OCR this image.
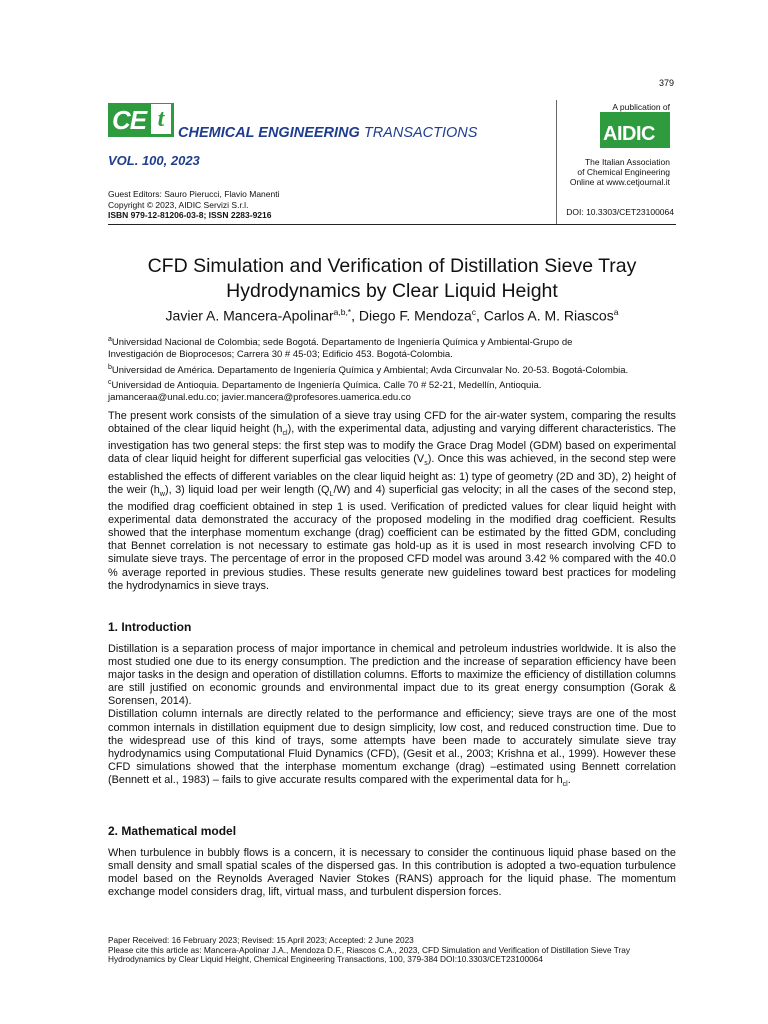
379
CE t
CHEMICAL ENGINEERING TRANSACTIONS
VOL. 100, 2023
A publication of
AIDIC
The Italian Association
of Chemical Engineering
Online at www.cetjournal.it
Guest Editors: Sauro Pierucci, Flavio Manenti
Copyright © 2023, AIDIC Servizi S.r.l.
ISBN 979-12-81206-03-8; ISSN 2283-9216	DOI: 10.3303/CET23100064
CFD Simulation and Verification of Distillation Sieve Tray
Hydrodynamics by Clear Liquid Height
Javier A. Mancera-Apolinar$^{a,b,*}$, Diego F. Mendoza$^c$, Carlos A. M. Riascos$^a$
$^a$Universidad Nacional de Colombia; sede Bogotá. Departamento de Ingeniería Química y Ambiental-Grupo de
Investigación de Bioprocesos; Carrera 30 # 45-03; Edificio 453. Bogotá-Colombia.
$^b$Universidad de América. Departamento de Ingeniería Química y Ambiental; Avda Circunvalar No. 20-53. Bogotá-Colombia.
$^c$Universidad de Antioquia. Departamento de Ingeniería Química. Calle 70 # 52-21, Medellín, Antioquia.
jamanceraa@unal.edu.co; javier.mancera@profesores.uamerica.edu.co

The present work consists of the simulation of a sieve tray using CFD for the air-water system, comparing the results obtained of the clear liquid height $(h_{cl})$, with the experimental data, adjusting and varying different characteristics. The investigation has two general steps: the first step was to modify the Grace Drag Model (GDM) based on experimental data of clear liquid height for different superficial gas velocities $(V_s)$. Once this was achieved, in the second step were established the effects of different variables on the clear liquid height as: 1) type of geometry (2D and 3D), 2) height of the weir $(h_w)$, 3) liquid load per weir length $(Q_L/W)$ and 4) superficial gas velocity; in all the cases of the second step, the modified drag coefficient obtained in step 1 is used. Verification of predicted values for clear liquid height with experimental data demonstrated the accuracy of the proposed modeling in the modified drag coefficient. Results showed that the interphase momentum exchange (drag) coefficient can be estimated by the fitted GDM, concluding that Bennet correlation is not necessary to estimate gas hold-up as it is used in most research involving CFD to simulate sieve trays. The percentage of error in the proposed CFD model was around 3.42 % compared with the 40.0 % average reported in previous studies. These results generate new guidelines toward best practices for modeling the hydrodynamics in sieve trays.

1. Introduction

Distillation is a separation process of major importance in chemical and petroleum industries worldwide. It is also the most studied one due to its energy consumption. The prediction and the increase of separation efficiency have been major tasks in the design and operation of distillation columns. Efforts to maximize the efficiency of distillation columns are still justified on economic grounds and environmental impact due to its great energy consumption (Gorak & Sorensen, 2014).

Distillation column internals are directly related to the performance and efficiency; sieve trays are one of the most common internals in distillation equipment due to design simplicity, low cost, and reduced construction time. Due to the widespread use of this kind of trays, some attempts have been made to accurately simulate sieve tray hydrodynamics using Computational Fluid Dynamics (CFD), (Gesit et al., 2003; Krishna et al., 1999). However these CFD simulations showed that the interphase momentum exchange (drag) –estimated using Bennett correlation (Bennett et al., 1983) – fails to give accurate results compared with the experimental data for $h_{cl}$.

2. Mathematical model

When turbulence in bubbly flows is a concern, it is necessary to consider the continuous liquid phase based on the small density and small spatial scales of the dispersed gas. In this contribution is adopted a two-equation turbulence model based on the Reynolds Averaged Navier Stokes (RANS) approach for the liquid phase. The momentum exchange model considers drag, lift, virtual mass, and turbulent dispersion forces.

Paper Received: 16 February 2023; Revised: 15 April 2023; Accepted: 2 June 2023
Please cite this article as: Mancera-Apolinar J.A., Mendoza D.F., Riascos C.A., 2023, CFD Simulation and Verification of Distillation Sieve Tray
Hydrodynamics by Clear Liquid Height, Chemical Engineering Transactions, 100, 379-384 DOI:10.3303/CET23100064
